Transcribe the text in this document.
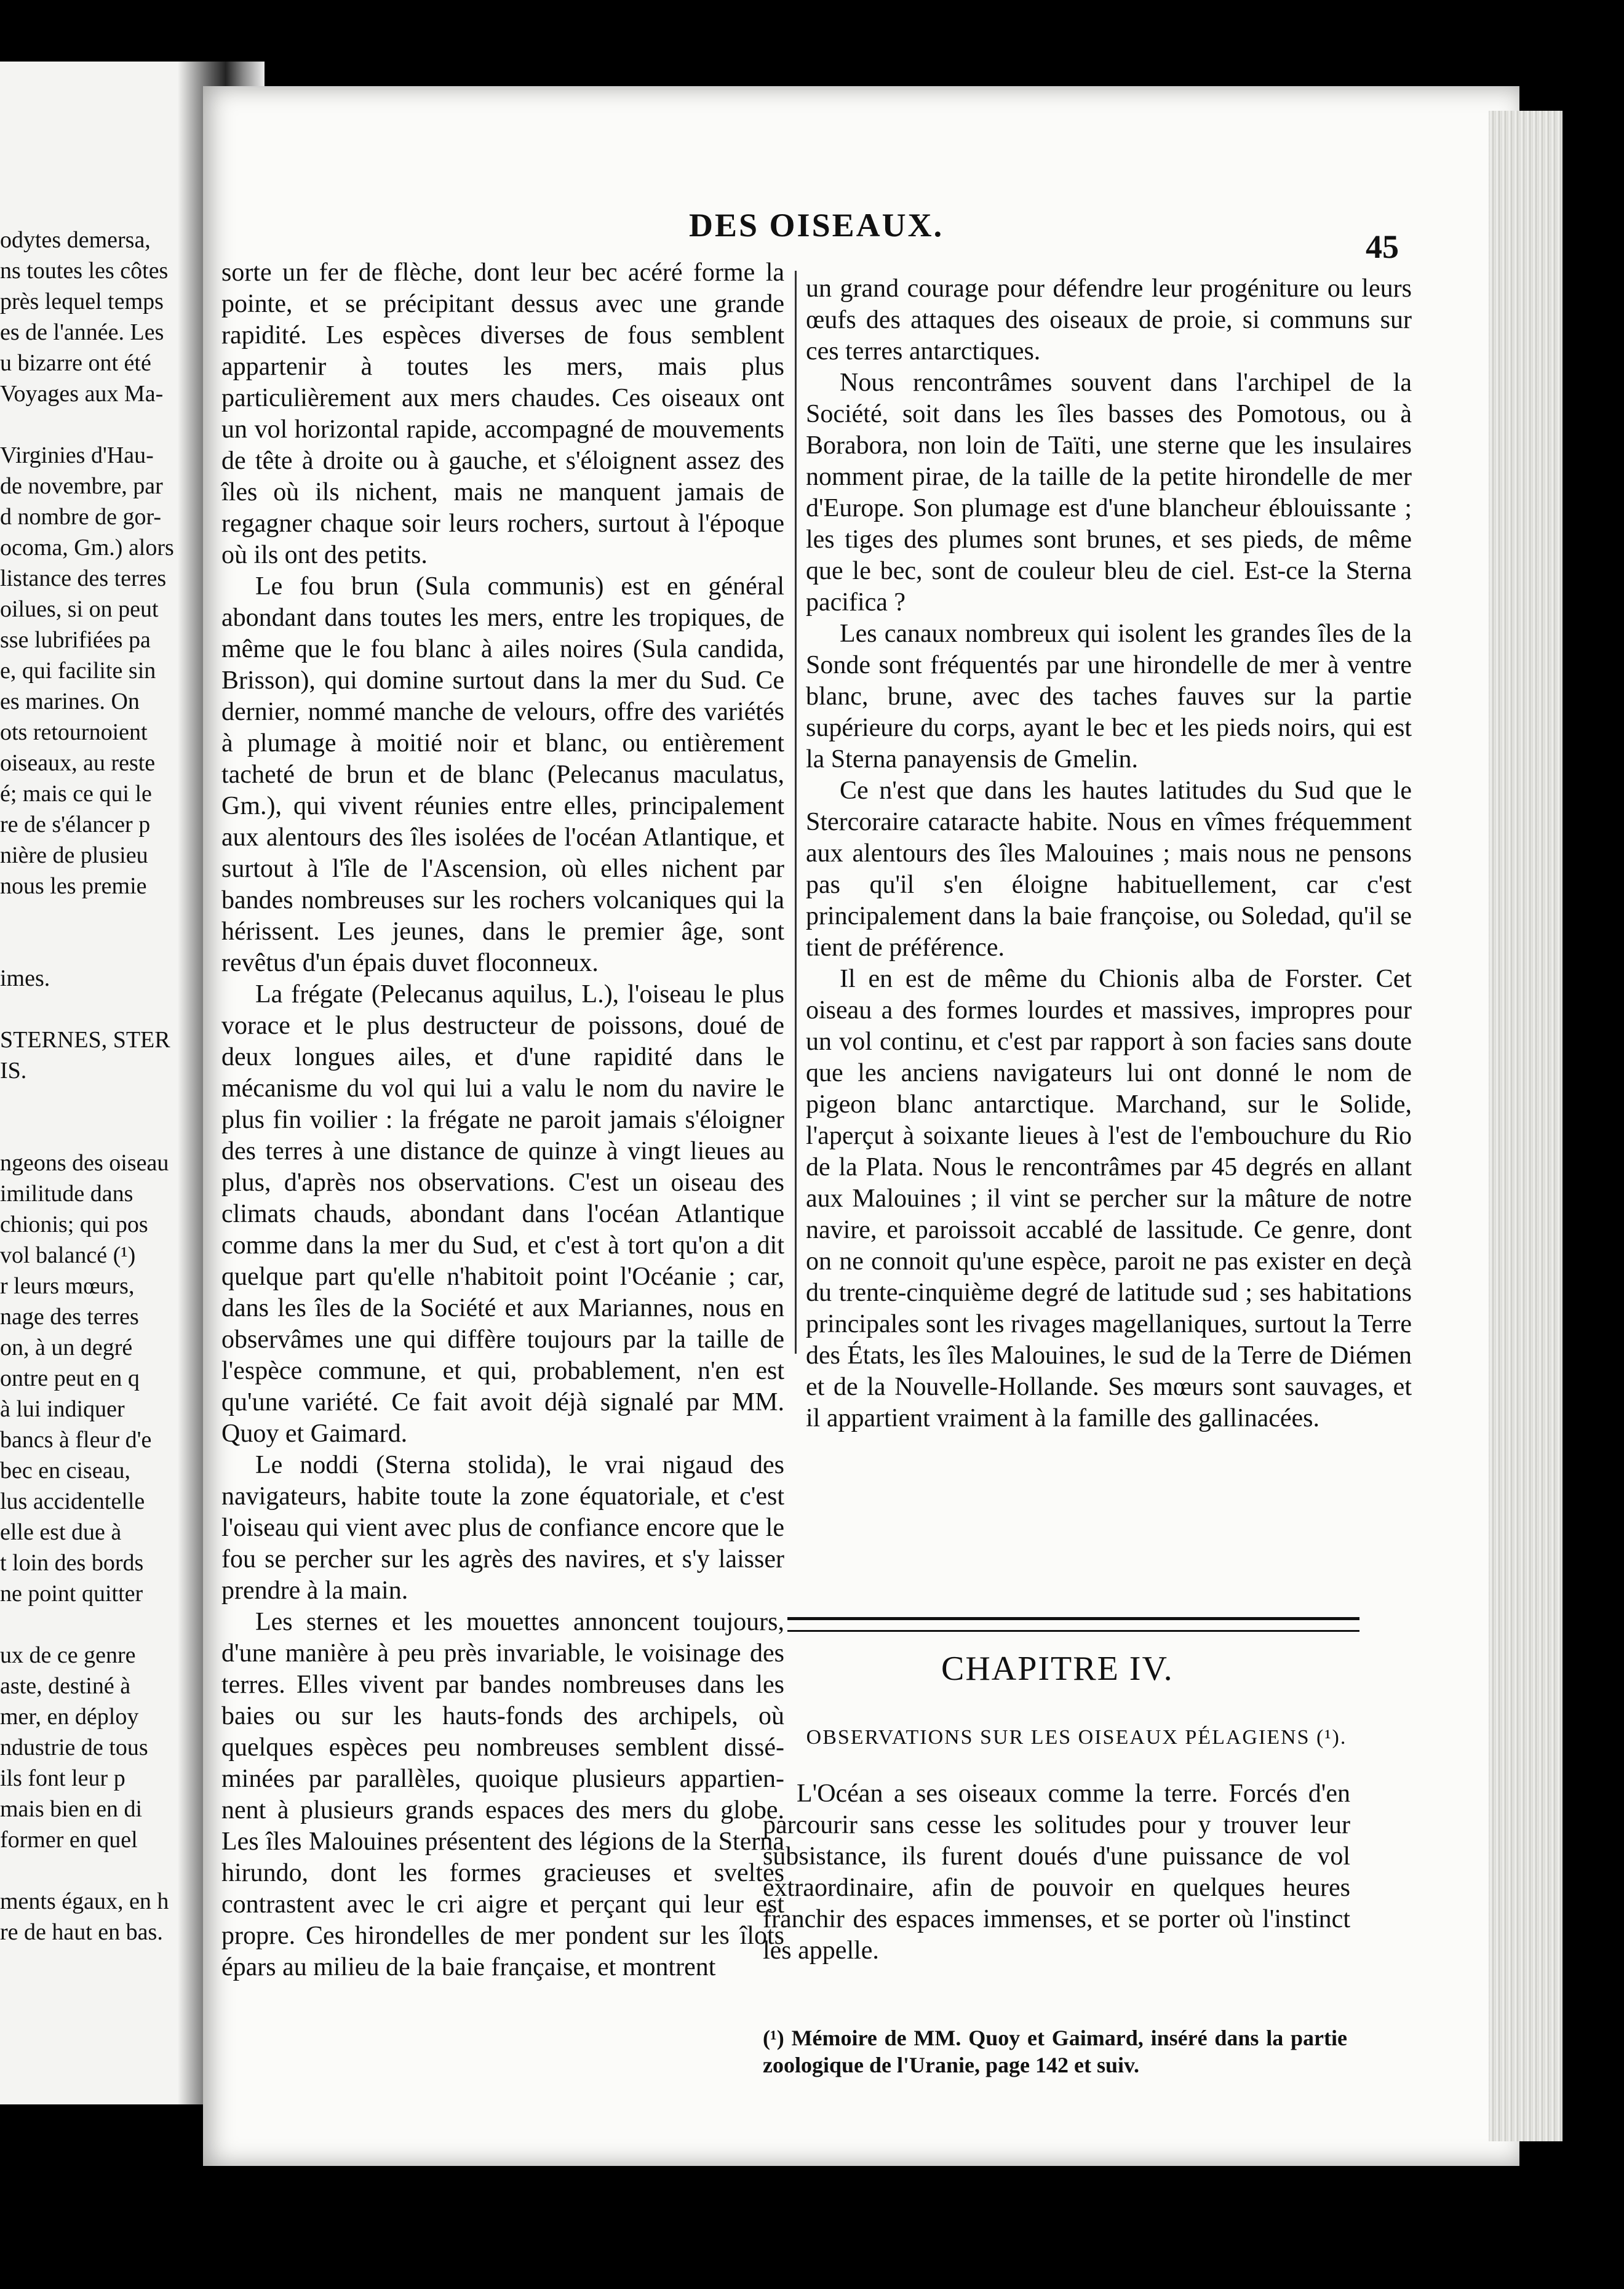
odytes demersa,
ns toutes les côtes
près lequel temps
es de l'année. Les
u bizarre ont été
Voyages aux Ma-
Virginies d'Hau-
de novembre, par
d nombre de gor-
ocoma, Gm.) alors
listance des terres
oilues, si on peut
sse lubrifiées pa
e, qui facilite sin
es marines. On
ots retournoient
oiseaux, au reste
é; mais ce qui le
re de s'élancer p
nière de plusieu
nous les premie
imes.
STERNES, STER
IS.
ngeons des oiseau
imilitude dans
chionis; qui pos
vol balancé (¹)
r leurs mœurs,
nage des terres
on, à un degré
ontre peut en q
à lui indiquer
bancs à fleur d'e
bec en ciseau,
lus accidentelle
elle est due à
t loin des bords
ne point quitter
ux de ce genre
aste, destiné à
mer, en déploy
ndustrie de tous
ils font leur p
mais bien en di
former en quel
ments égaux, en h
re de haut en bas.
DES OISEAUX.
45

sorte un fer de flèche, dont leur bec acéré forme la pointe, et se précipitant dessus avec une grande rapidité. Les espèces diverses de fous semblent appartenir à toutes les mers, mais plus particulièrement aux mers chaudes. Ces oiseaux ont un vol horizontal rapide, accompagné de mouvements de tête à droite ou à gauche, et s'éloignent assez des îles où ils nichent, mais ne manquent jamais de regagner chaque soir leurs rochers, surtout à l'époque où ils ont des petits.

Le fou brun (Sula communis) est en général abondant dans toutes les mers, entre les tropiques, de même que le fou blanc à ailes noires (Sula candida, Brisson), qui domine surtout dans la mer du Sud. Ce dernier, nommé manche de velours, offre des variétés à plumage à moitié noir et blanc, ou entièrement tacheté de brun et de blanc (Pelecanus maculatus, Gm.), qui vivent réunies entre elles, principalement aux alentours des îles isolées de l'océan Atlantique, et surtout à l'île de l'Ascension, où elles nichent par bandes nombreuses sur les rochers volcaniques qui la hérissent. Les jeunes, dans le premier âge, sont revêtus d'un épais duvet floconneux.

La frégate (Pelecanus aquilus, L.), l'oiseau le plus vorace et le plus destructeur de poissons, doué de deux longues ailes, et d'une rapidité dans le mécanisme du vol qui lui a valu le nom du navire le plus fin voilier : la frégate ne paroit jamais s'éloigner des terres à une distance de quinze à vingt lieues au plus, d'après nos observations. C'est un oiseau des climats chauds, abondant dans l'océan Atlantique comme dans la mer du Sud, et c'est à tort qu'on a dit quelque part qu'elle n'habitoit point l'Océanie ; car, dans les îles de la Société et aux Mariannes, nous en observâmes une qui diffère toujours par la taille de l'espèce commune, et qui, probablement, n'en est qu'une variété. Ce fait avoit déjà signalé par MM. Quoy et Gaimard.

Le noddi (Sterna stolida), le vrai nigaud des navigateurs, habite toute la zone équatoriale, et c'est l'oiseau qui vient avec plus de confiance encore que le fou se percher sur les agrès des navires, et s'y laisser prendre à la main.

Les sternes et les mouettes annoncent toujours, d'une manière à peu près invariable, le voisinage des terres. Elles vivent par bandes nombreuses dans les baies ou sur les hauts-fonds des archipels, où quelques espèces peu nombreuses semblent dissé-minées par parallèles, quoique plusieurs appartien-nent à plusieurs grands espaces des mers du globe. Les îles Malouines présentent des légions de la Sterna hirundo, dont les formes gracieuses et sveltes contrastent avec le cri aigre et perçant qui leur est propre. Ces hirondelles de mer pondent sur les îlots épars au milieu de la baie française, et montrent

un grand courage pour défendre leur progéniture ou leurs œufs des attaques des oiseaux de proie, si communs sur ces terres antarctiques.

Nous rencontrâmes souvent dans l'archipel de la Société, soit dans les îles basses des Pomotous, ou à Borabora, non loin de Taïti, une sterne que les insulaires nomment pirae, de la taille de la petite hirondelle de mer d'Europe. Son plumage est d'une blancheur éblouissante ; les tiges des plumes sont brunes, et ses pieds, de même que le bec, sont de couleur bleu de ciel. Est-ce la Sterna pacifica ?

Les canaux nombreux qui isolent les grandes îles de la Sonde sont fréquentés par une hirondelle de mer à ventre blanc, brune, avec des taches fauves sur la partie supérieure du corps, ayant le bec et les pieds noirs, qui est la Sterna panayensis de Gmelin.

Ce n'est que dans les hautes latitudes du Sud que le Stercoraire cataracte habite. Nous en vîmes fréquemment aux alentours des îles Malouines ; mais nous ne pensons pas qu'il s'en éloigne habituellement, car c'est principalement dans la baie françoise, ou Soledad, qu'il se tient de préférence.

Il en est de même du Chionis alba de Forster. Cet oiseau a des formes lourdes et massives, impropres pour un vol continu, et c'est par rapport à son facies sans doute que les anciens navigateurs lui ont donné le nom de pigeon blanc antarctique. Marchand, sur le Solide, l'aperçut à soixante lieues à l'est de l'embouchure du Rio de la Plata. Nous le rencontrâmes par 45 degrés en allant aux Malouines ; il vint se percher sur la mâture de notre navire, et paroissoit accablé de lassitude. Ce genre, dont on ne connoit qu'une espèce, paroit ne pas exister en deçà du trente-cinquième degré de latitude sud ; ses habitations principales sont les rivages magellaniques, surtout la Terre des États, les îles Malouines, le sud de la Terre de Diémen et de la Nouvelle-Hollande. Ses mœurs sont sauvages, et il appartient vraiment à la famille des gallinacées.

CHAPITRE IV.
OBSERVATIONS SUR LES OISEAUX PÉLAGIENS (¹).

L'Océan a ses oiseaux comme la terre. Forcés d'en parcourir sans cesse les solitudes pour y trouver leur subsistance, ils furent doués d'une puissance de vol extraordinaire, afin de pouvoir en quelques heures franchir des espaces immenses, et se porter où l'instinct les appelle.

(¹) Mémoire de MM. Quoy et Gaimard, inséré dans la partie zoologique de l'Uranie, page 142 et suiv.
